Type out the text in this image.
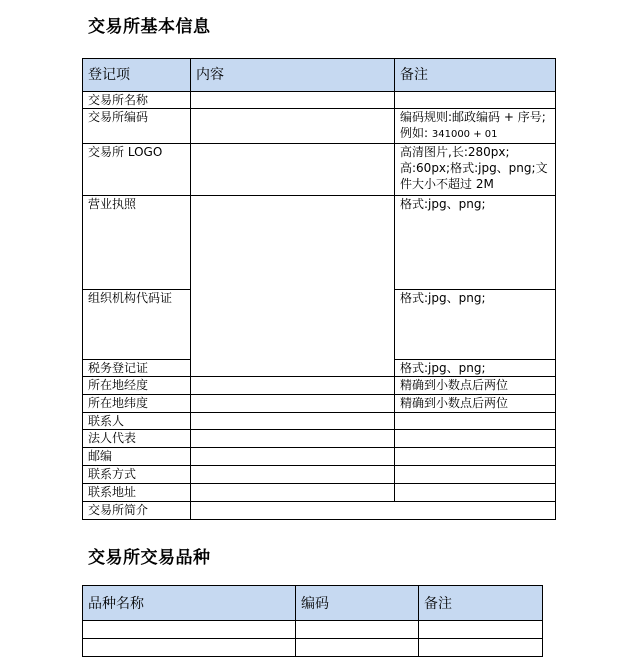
交易所基本信息
登记项	内容	备注
交易所名称		
交易所编码		编码规则:邮政编码 + 序号;
例如: 341000 + 01
交易所 LOGO		高清图片,长:280px;高:60px;格式:jpg、png;文件大小不超过 2M
营业执照		格式:jpg、png;
组织机构代码证		格式:jpg、png;
税务登记证		格式:jpg、png;
所在地经度		精确到小数点后两位
所在地纬度		精确到小数点后两位
联系人		
法人代表		
邮编		
联系方式		
联系地址		
交易所简介		
交易所交易品种
品种名称	编码	备注
